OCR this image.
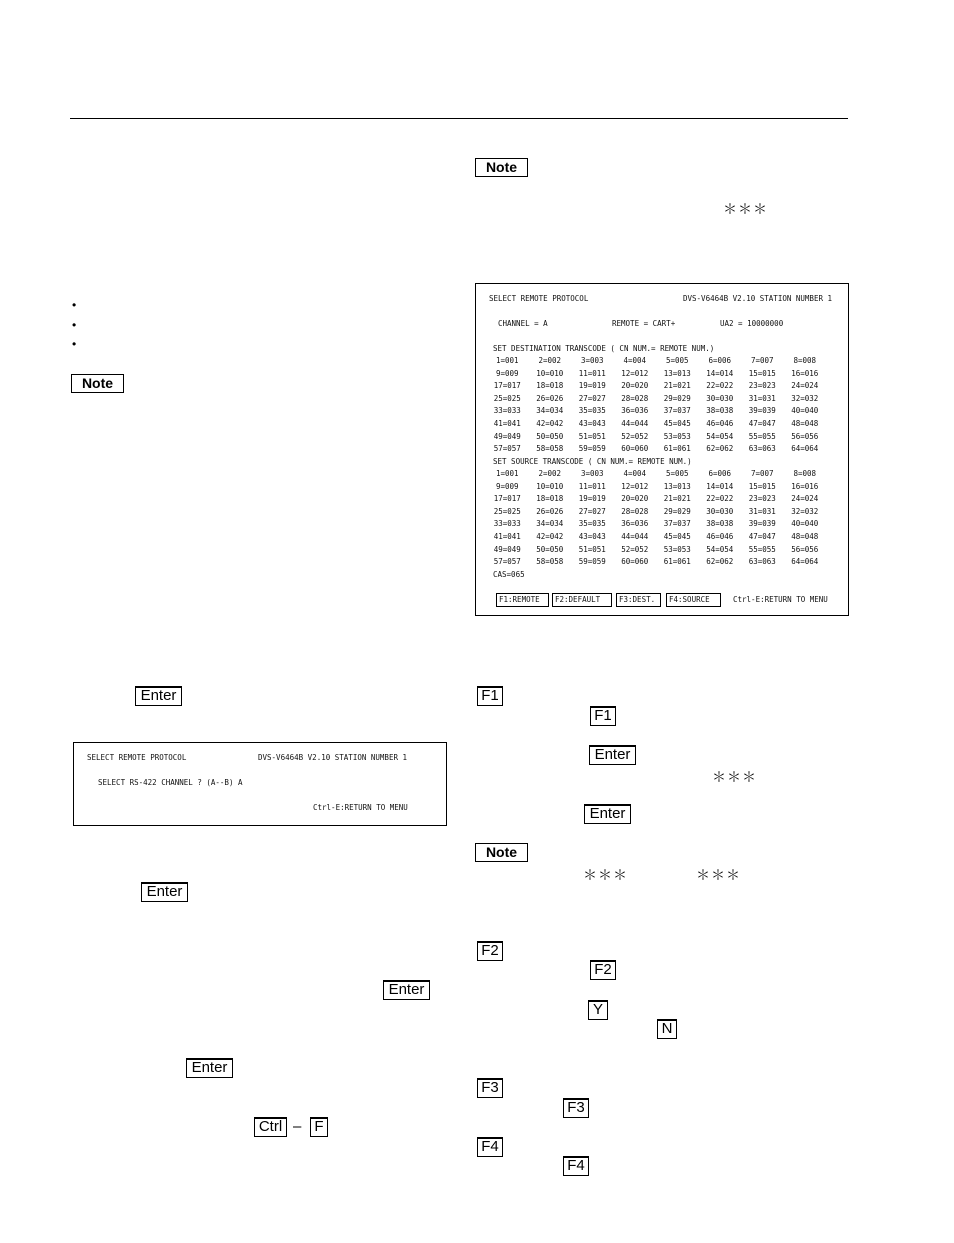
•
•
•
Note
Enter
SELECT REMOTE PROTOCOL	DVS-V6464B V2.10 STATION NUMBER 1
SELECT RS-422 CHANNEL ? (A--B) A
Ctrl-E:RETURN TO MENU
Enter
Enter
Enter
Ctrl – F
Note
＊＊＊
SELECT REMOTE PROTOCOL	DVS-V6464B V2.10 STATION NUMBER 1
CHANNEL = A	REMOTE = CART+	UA2 = 10000000
SET DESTINATION TRANSCODE ( CN NUM.= REMOTE NUM.)
1=001	2=002	3=003	4=004	5=005	6=006	7=007	8=008
9=009	10=010	11=011	12=012	13=013	14=014	15=015	16=016
17=017	18=018	19=019	20=020	21=021	22=022	23=023	24=024
25=025	26=026	27=027	28=028	29=029	30=030	31=031	32=032
33=033	34=034	35=035	36=036	37=037	38=038	39=039	40=040
41=041	42=042	43=043	44=044	45=045	46=046	47=047	48=048
49=049	50=050	51=051	52=052	53=053	54=054	55=055	56=056
57=057	58=058	59=059	60=060	61=061	62=062	63=063	64=064
SET SOURCE TRANSCODE ( CN NUM.= REMOTE NUM.)
1=001	2=002	3=003	4=004	5=005	6=006	7=007	8=008
9=009	10=010	11=011	12=012	13=013	14=014	15=015	16=016
17=017	18=018	19=019	20=020	21=021	22=022	23=023	24=024
25=025	26=026	27=027	28=028	29=029	30=030	31=031	32=032
33=033	34=034	35=035	36=036	37=037	38=038	39=039	40=040
41=041	42=042	43=043	44=044	45=045	46=046	47=047	48=048
49=049	50=050	51=051	52=052	53=053	54=054	55=055	56=056
57=057	58=058	59=059	60=060	61=061	62=062	63=063	64=064
CAS=065
F1:REMOTE	F2:DEFAULT	F3:DEST.	F4:SOURCE	Ctrl-E:RETURN TO MENU
F1
F1
Enter
＊＊＊
Enter
Note
＊＊＊	＊＊＊
F2
F2
Y
N
F3
F3
F4
F4
